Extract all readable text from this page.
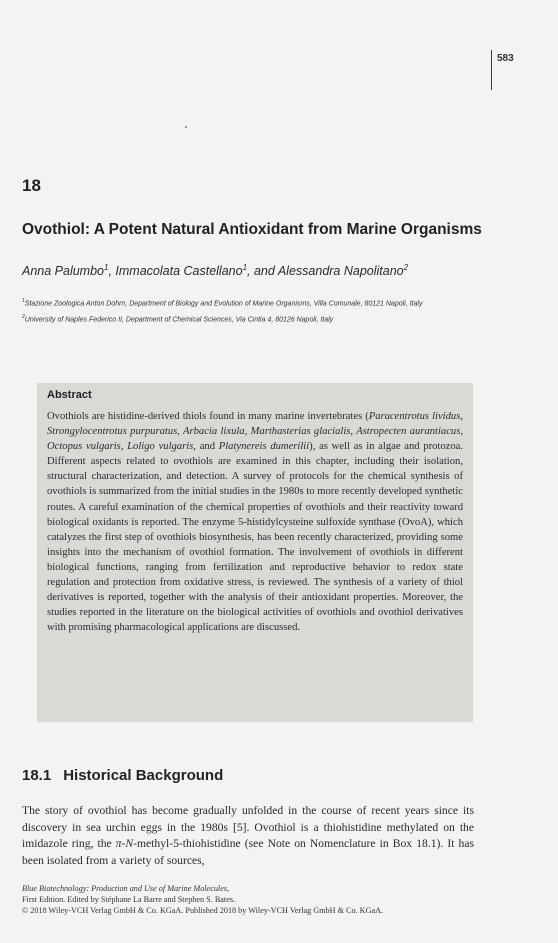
583
18
Ovothiol: A Potent Natural Antioxidant from Marine Organisms
Anna Palumbo$^1$, Immacolata Castellano$^1$, and Alessandra Napolitano$^2$
$^1$Stazione Zoologica Anton Dohrn, Department of Biology and Evolution of Marine Organisms, Villa Comunale, 80121 Napoli, Italy
$^2$University of Naples Federico II, Department of Chemical Sciences, Via Cintia 4, 80126 Napoli, Italy
Abstract
Ovothiols are histidine-derived thiols found in many marine invertebrates (Paracentrotus lividus, Strongylocentrotus purpuratus, Arbacia lixula, Marthasterias glacialis, Astropecten aurantiacus, Octopus vulgaris, Loligo vulgaris, and Platynereis dumerilii), as well as in algae and protozoa. Different aspects related to ovothiols are examined in this chapter, including their isolation, structural characterization, and detection. A survey of protocols for the chemical synthesis of ovothiols is summarized from the initial studies in the 1980s to more recently developed synthetic routes. A careful examination of the chemical properties of ovothiols and their reactivity toward biological oxidants is reported. The enzyme 5-histidylcysteine sulfoxide synthase (OvoA), which catalyzes the first step of ovothiols biosynthesis, has been recently characterized, providing some insights into the mechanism of ovothiol formation. The involvement of ovothiols in different biological functions, ranging from fertilization and reproductive behavior to redox state regulation and protection from oxidative stress, is reviewed. The synthesis of a variety of thiol derivatives is reported, together with the analysis of their antioxidant properties. Moreover, the studies reported in the literature on the biological activities of ovothiols and ovothiol derivatives with promising pharmacological applications are discussed.
18.1 Historical Background
The story of ovothiol has become gradually unfolded in the course of recent years since its discovery in sea urchin eggs in the 1980s [5]. Ovothiol is a thiohistidine methylated on the imidazole ring, the π-N-methyl-5-thiohistidine (see Note on Nomenclature in Box 18.1). It has been isolated from a variety of sources,
Blue Biotechnology: Production and Use of Marine Molecules,
First Edition. Edited by Stéphane La Barre and Stephen S. Bates.
© 2018 Wiley-VCH Verlag GmbH & Co. KGaA. Published 2018 by Wiley-VCH Verlag GmbH & Co. KGaA.
